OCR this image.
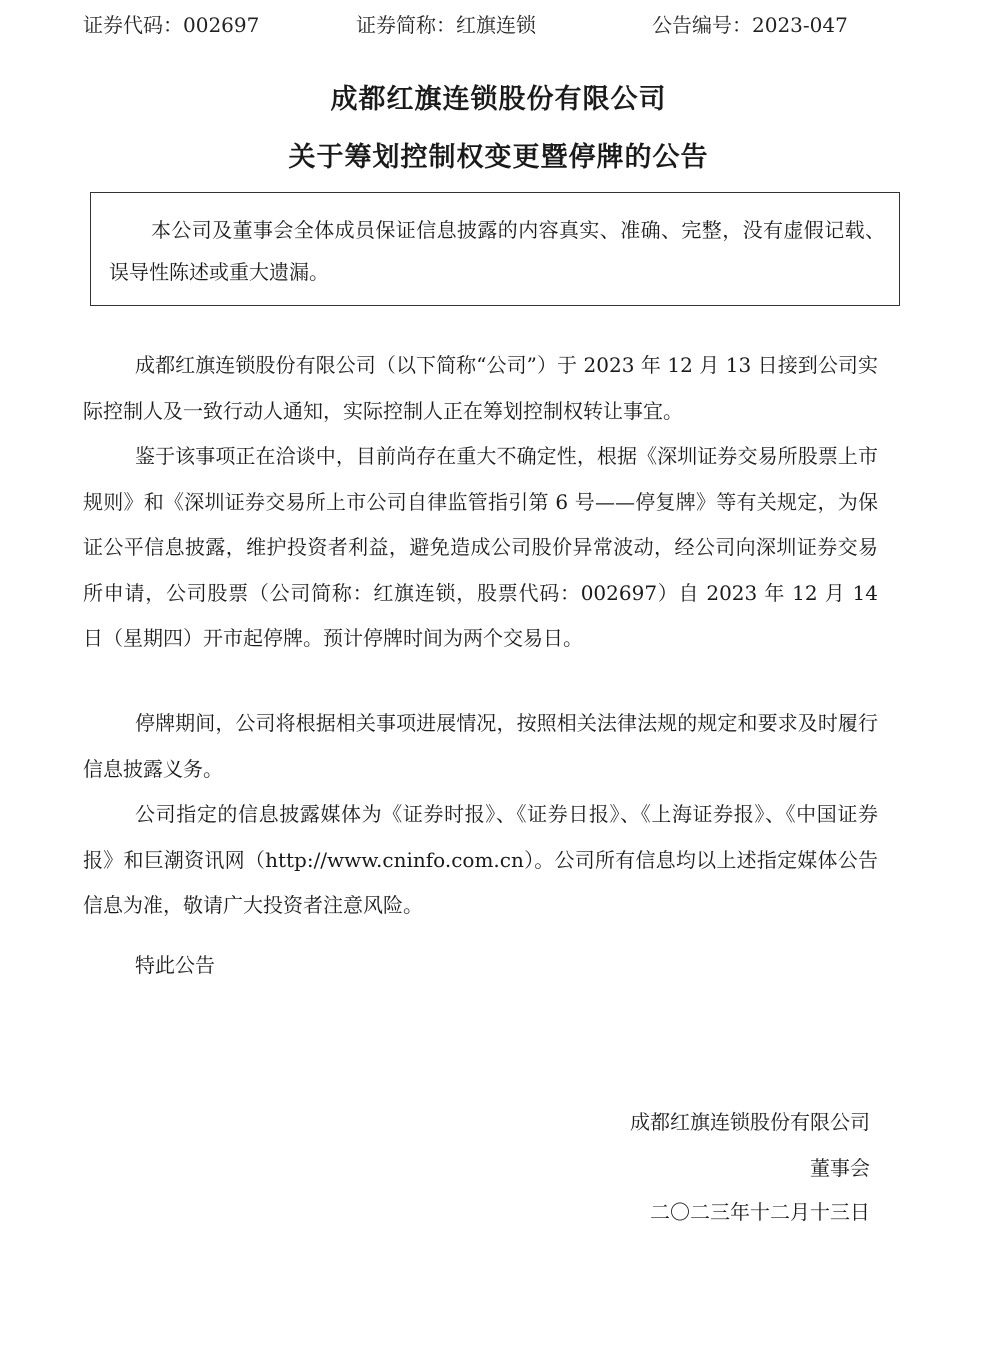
证券代码：002697	证券简称：红旗连锁	公告编号：2023-047
成都红旗连锁股份有限公司
关于筹划控制权变更暨停牌的公告
本公司及董事会全体成员保证信息披露的内容真实、准确、完整，没有虚假记载、误导性陈述或重大遗漏。

成都红旗连锁股份有限公司（以下简称“公司”）于 2023 年 12 月 13 日接到公司实际控制人及一致行动人通知，实际控制人正在筹划控制权转让事宜。

鉴于该事项正在洽谈中，目前尚存在重大不确定性，根据《深圳证券交易所股票上市规则》和《深圳证券交易所上市公司自律监管指引第 6 号——停复牌》等有关规定，为保证公平信息披露，维护投资者利益，避免造成公司股价异常波动，经公司向深圳证券交易所申请，公司股票（公司简称：红旗连锁，股票代码：002697）自 2023 年 12 月 14 日（星期四）开市起停牌。预计停牌时间为两个交易日。

停牌期间，公司将根据相关事项进展情况，按照相关法律法规的规定和要求及时履行信息披露义务。

公司指定的信息披露媒体为《证券时报》、《证券日报》、《上海证券报》、《中国证券报》和巨潮资讯网（http://www.cninfo.com.cn）。公司所有信息均以上述指定媒体公告信息为准，敬请广大投资者注意风险。

特此公告

成都红旗连锁股份有限公司
董事会
二〇二三年十二月十三日
